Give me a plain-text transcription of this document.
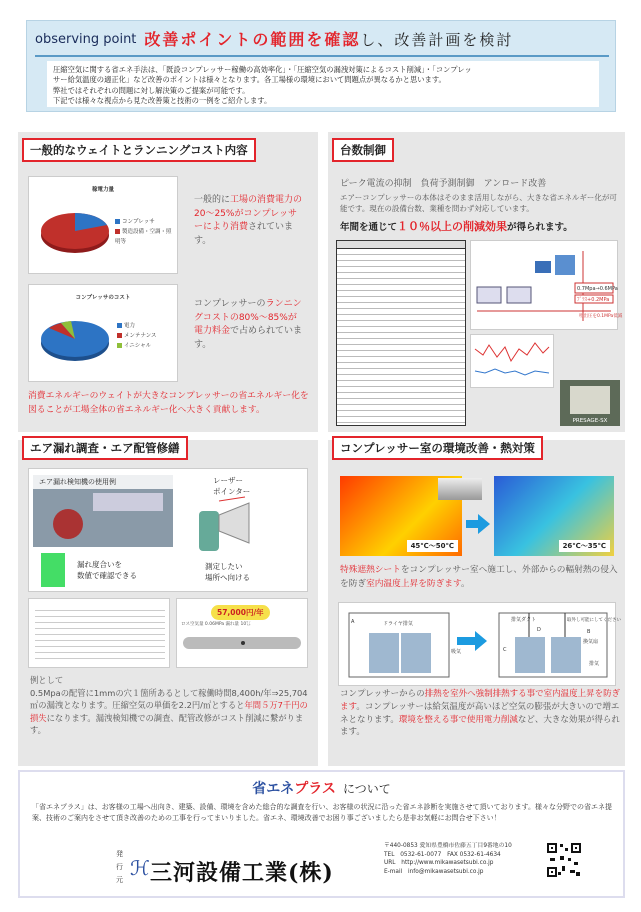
observing point 改善ポイントの範囲を確認 し、改善計画を検討
圧縮空気に関する省エネ手法は、「既設コンプレッサー稼働の高効率化」・「圧縮空気の漏洩対策によるコスト削減」・「コンプレッ
サー給気温度の適正化」など改善のポイントは様々となります。各工場様の環境において問題点が異なるかと思います。
弊社ではそれぞれの問題に対し解決策のご提案が可能です。
下記では様々な視点から見た改善策と技術の一例をご紹介します。
一般的なウェイトとランニングコスト内容
稼電力量
コンプレッサ
製造設備・空調・照明等
一般的に工場の消費電力の20～25%がコンプレッサーにより消費されています。
コンプレッサのコスト
電力
メンテナンス
イニシャル
コンプレッサーのランニングコストの80%～85%が電力料金で占められています。
消費エネルギーのウェイトが大きなコンプレッサーの省エネルギー化を図ることが工場全体の省エネルギー化へ大きく貢献します。
台数制御
ピーク電流の抑制　負荷予測制御　アンロード改善
エアーコンプレッサーの本体はそのまま活用しながら、大きな省エネルギー化が可能です。現在の設備台数、業種を問わず対応しています。
年間を通じて１０％以上の削減効果が得られます。
0.7Mpa→0.6MPa
ﾌﾞﾗｽ+0.2MPa
吐出圧を0.1MPa低減
PRESAGE-SX
エア漏れ調査・エア配管修繕
エア漏れ検知機の使用例
漏れ度合いを
数値で確認できる
レーザー
ポインター
測定したい
場所へ向ける
57,000円/年
ロス空気量 0.06MPa 漏れ量 10㍑
例として
0.5Mpaの配管に1mmの穴１箇所あるとして稼働時間8,400h/年⇒25,704㎥の漏洩となります。圧縮空気の単価を2.2円/㎥とすると年間５万7千円の損失になります。漏洩検知機での調査、配管改修がコスト削減に繋がります。
コンプレッサー室の環境改善・熱対策
45℃～50℃	26℃～35℃
特殊遮熱シートをコンプレッサー室へ施工し、外部からの輻射熱の侵入を防ぎ室内温度上昇を防ぎます。
ドライヤ排気
A
吸気
排気ダクト	取外し可能にしてください
D
C
B
換気扇
排気
コンプレッサーからの排熱を室外へ強制排熱する事で室内温度上昇を防ぎます。コンプレッサーは給気温度が高いほど空気の膨張が大きいので増エネとなります。環境を整える事で使用電力削減など、大きな効果が得られます。
省エネプラス について
「省エネプラス」は、お客様の工場へ出向き、建築、設備、環境を含めた総合的な調査を行い、お客様の状況に沿った省エネ診断を実施させて頂いております。様々な分野での省エネ提案、技術のご案内をさせて頂き改善のための工事を行ってまいりました。省エネ、環境改善でお困り事ございましたら是非お気軽にお問合せ下さい！
発行元 ℋ 三河設備工業(株)
〒440-0853 愛知県豊橋市佐藤五丁目9番地の10
TEL　0532-61-0077　FAX 0532-61-4634
URL　http://www.mikawasetsubi.co.jp
E-mail　info@mikawasetsubi.co.jp
